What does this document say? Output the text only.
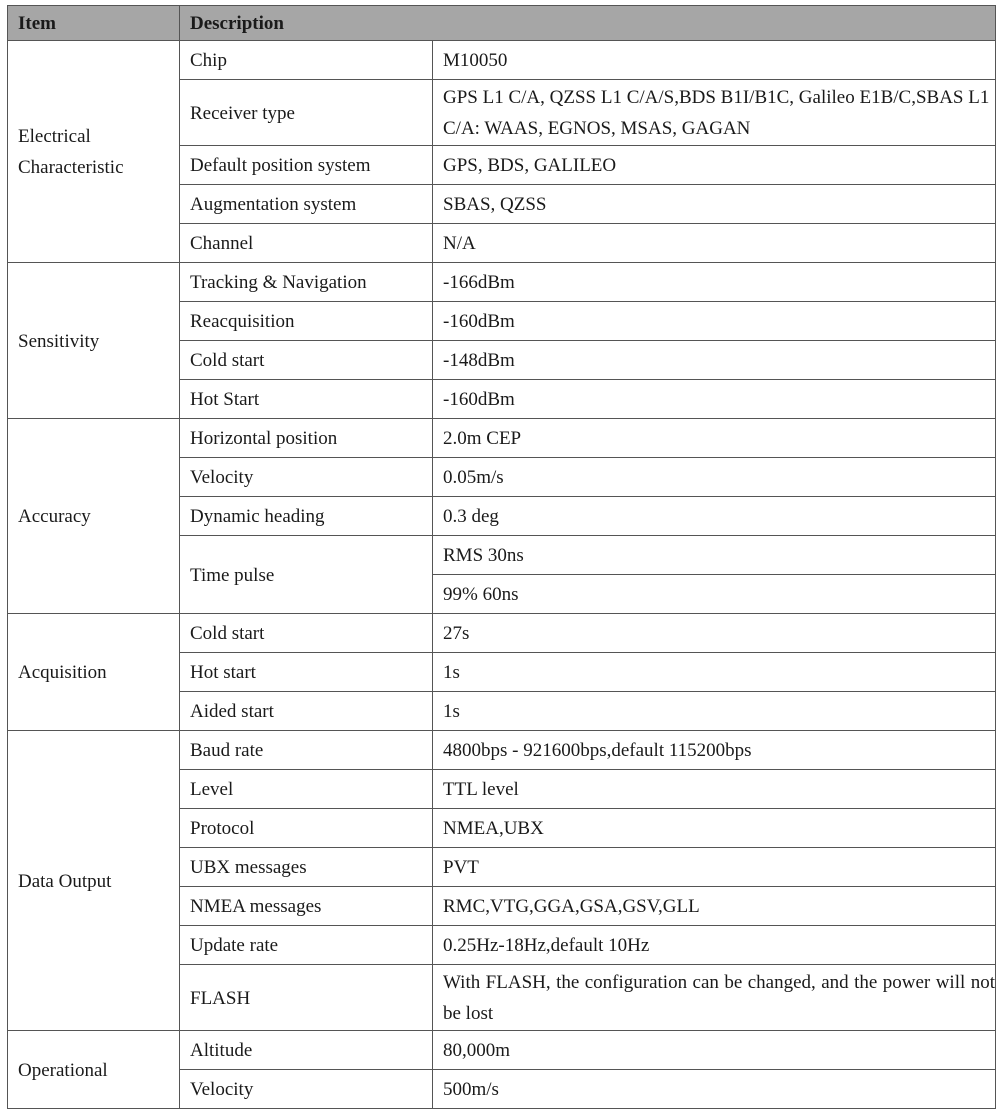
Item	Description	
Electrical Characteristic	Chip	M10050
	Receiver type	GPS L1 C/A, QZSS L1 C/A/S,BDS B1I/B1C, Galileo E1B/C,SBAS L1 C/A: WAAS, EGNOS, MSAS, GAGAN
	Default position system	GPS, BDS, GALILEO
	Augmentation system	SBAS, QZSS
	Channel	N/A
Sensitivity	Tracking & Navigation	-166dBm
	Reacquisition	-160dBm
	Cold start	-148dBm
	Hot Start	-160dBm
Accuracy	Horizontal position	2.0m CEP
	Velocity	0.05m/s
	Dynamic heading	0.3 deg
	Time pulse	RMS 30ns
		99% 60ns
Acquisition	Cold start	27s
	Hot start	1s
	Aided start	1s
Data Output	Baud rate	4800bps - 921600bps,default 115200bps
	Level	TTL level
	Protocol	NMEA,UBX
	UBX messages	PVT
	NMEA messages	RMC,VTG,GGA,GSA,GSV,GLL
	Update rate	0.25Hz-18Hz,default 10Hz
	FLASH	With FLASH, the configuration can be changed, and the power will not be lost
Operational	Altitude	80,000m
	Velocity	500m/s
